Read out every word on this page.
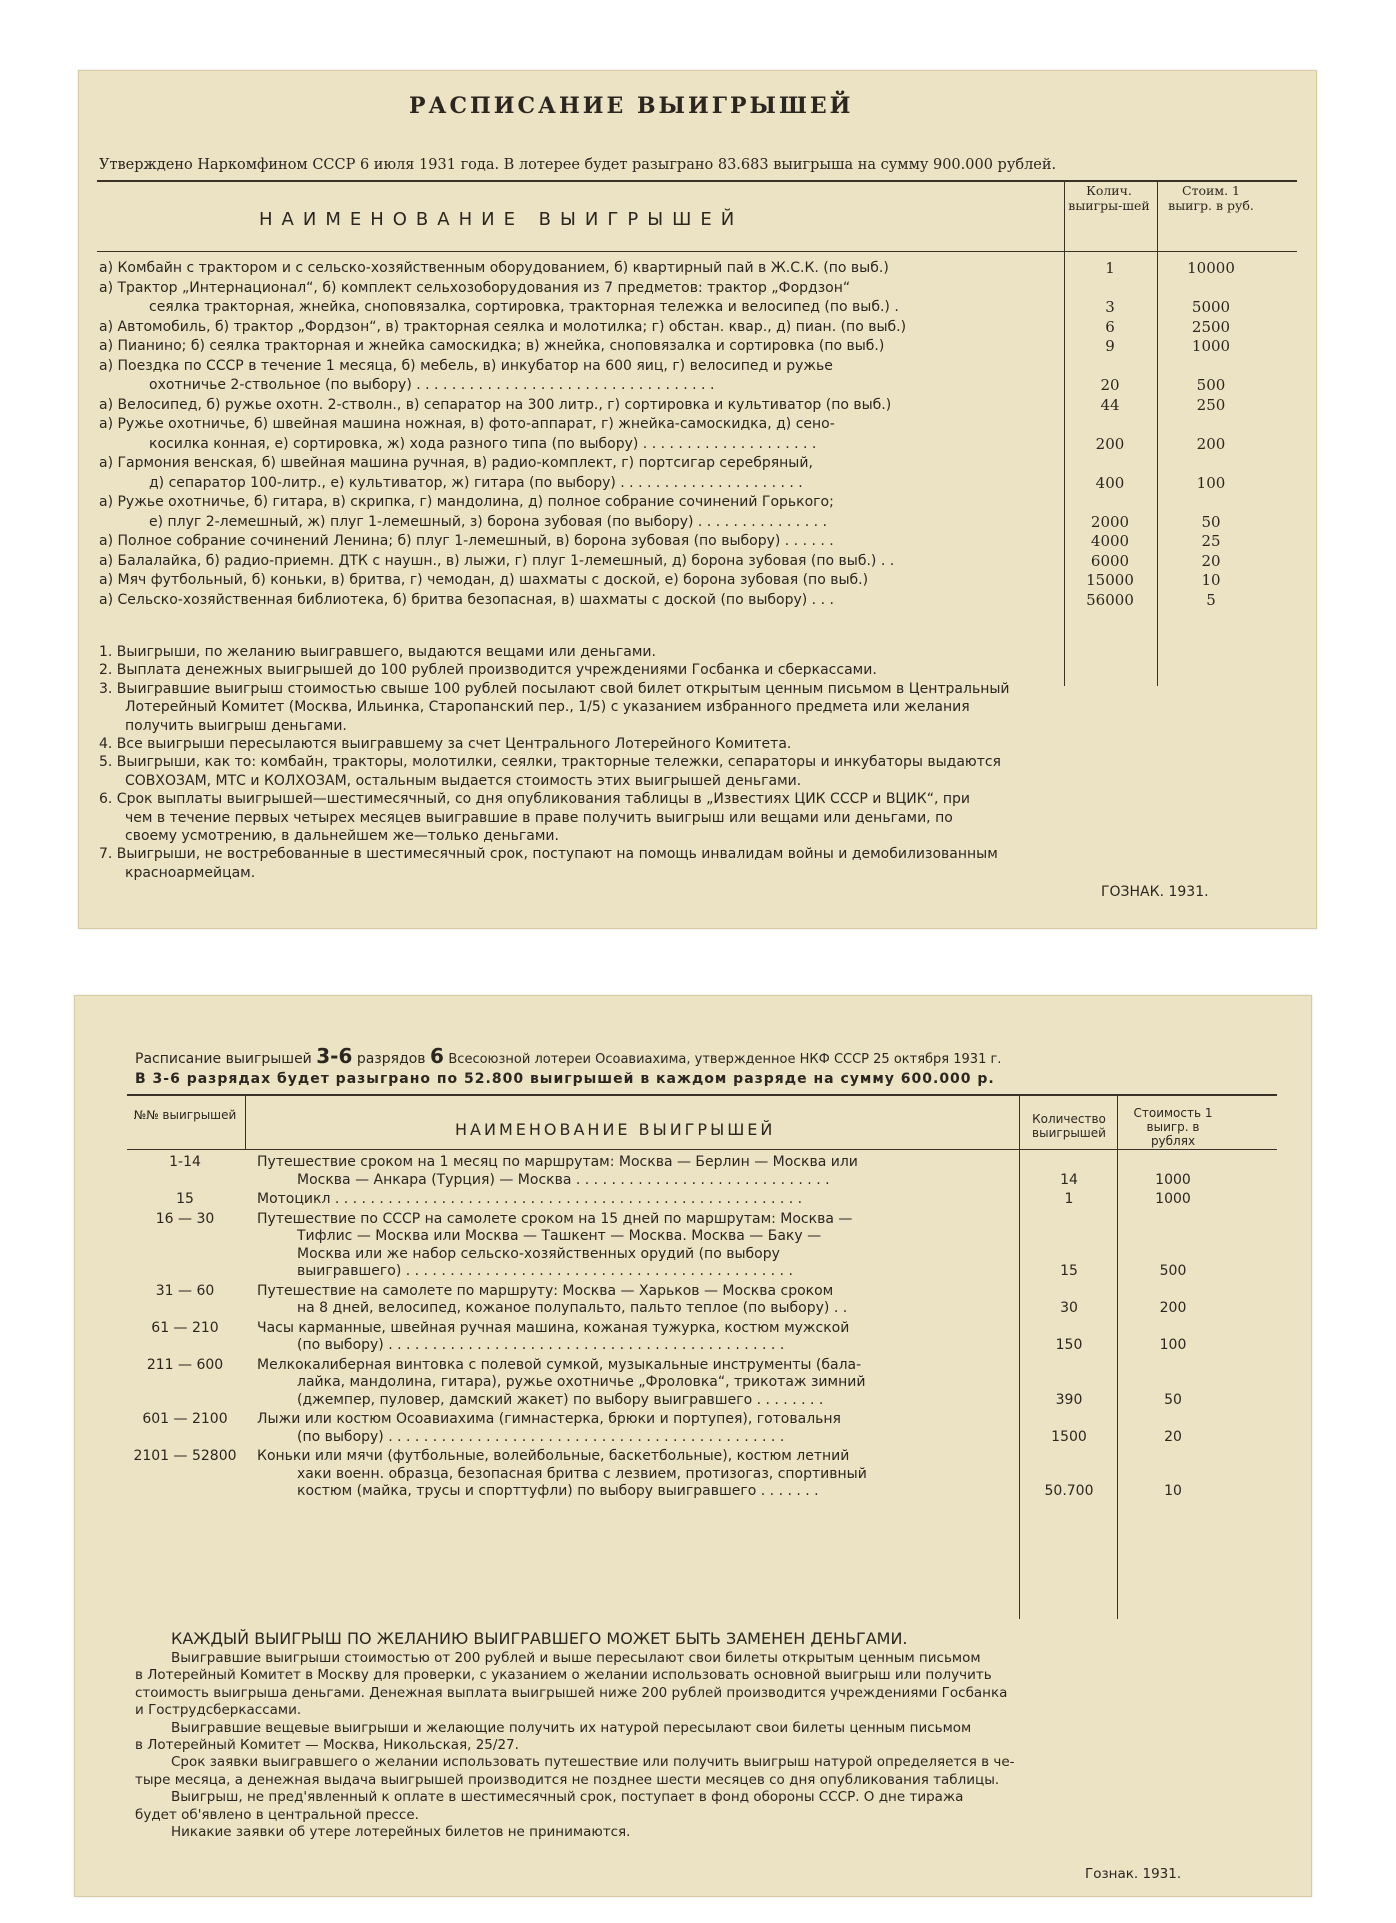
РАСПИСАНИЕ ВЫИГРЫШЕЙ
Утверждено Наркомфином СССР 6 июля 1931 года. В лотерее будет разыграно 83.683 выигрыша на сумму 900.000 рублей.
НАИМЕНОВАНИЕ ВЫИГРЫШЕЙ
Колич. выигры-шей
Стоим. 1 выигр. в руб.
а) Комбайн с трактором и с сельско-хозяйственным оборудованием, б) квартирный пай в Ж.С.К. (по выб.)	1	10000
а) Трактор „Интернационал“, б) комплект сельхозоборудования из 7 предметов: трактор „Фордзон“
сеялка тракторная, жнейка, сноповязалка, сортировка, тракторная тележка и велосипед (по выб.) .	3	5000
а) Автомобиль, б) трактор „Фордзон“, в) тракторная сеялка и молотилка; г) обстан. квар., д) пиан. (по выб.)	6	2500
а) Пианино; б) сеялка тракторная и жнейка самоскидка; в) жнейка, сноповязалка и сортировка (по выб.)	9	1000
а) Поездка по СССР в течение 1 месяца, б) мебель, в) инкубатор на 600 яиц, г) велосипед и ружье
охотничье 2-ствольное (по выбору) . . . . . . . . . . . . . . . . . . . . . . . . . . . . . . . . . .	20	500
а) Велосипед, б) ружье охотн. 2-стволн., в) сепаратор на 300 литр., г) сортировка и культиватор (по выб.)	44	250
а) Ружье охотничье, б) швейная машина ножная, в) фото-аппарат, г) жнейка-самоскидка, д) сено-
косилка конная, е) сортировка, ж) хода разного типа (по выбору) . . . . . . . . . . . . . . . . . . . .	200	200
а) Гармония венская, б) швейная машина ручная, в) радио-комплект, г) портсигар серебряный,
д) сепаратор 100-литр., е) культиватор, ж) гитара (по выбору) . . . . . . . . . . . . . . . . . . . . .	400	100
а) Ружье охотничье, б) гитара, в) скрипка, г) мандолина, д) полное собрание сочинений Горького;
е) плуг 2-лемешный, ж) плуг 1-лемешный, з) борона зубовая (по выбору) . . . . . . . . . . . . . . .	2000	50
а) Полное собрание сочинений Ленина; б) плуг 1-лемешный, в) борона зубовая (по выбору) . . . . . .	4000	25
а) Балалайка, б) радио-приемн. ДТК с наушн., в) лыжи, г) плуг 1-лемешный, д) борона зубовая (по выб.) . .	6000	20
а) Мяч футбольный, б) коньки, в) бритва, г) чемодан, д) шахматы с доской, е) борона зубовая (по выб.)	15000	10
а) Сельско-хозяйственная библиотека, б) бритва безопасная, в) шахматы с доской (по выбору) . . .	56000	5
1. Выигрыши, по желанию выигравшего, выдаются вещами или деньгами.
2. Выплата денежных выигрышей до 100 рублей производится учреждениями Госбанка и сберкассами.
3. Выигравшие выигрыш стоимостью свыше 100 рублей посылают свой билет открытым ценным письмом в Центральный
Лотерейный Комитет (Москва, Ильинка, Старопанский пер., 1/5) с указанием избранного предмета или желания
получить выигрыш деньгами.
4. Все выигрыши пересылаются выигравшему за счет Центрального Лотерейного Комитета.
5. Выигрыши, как то: комбайн, тракторы, молотилки, сеялки, тракторные тележки, сепараторы и инкубаторы выдаются
СОВХОЗАМ, МТС и КОЛХОЗАМ, остальным выдается стоимость этих выигрышей деньгами.
6. Срок выплаты выигрышей—шестимесячный, со дня опубликования таблицы в „Известиях ЦИК СССР и ВЦИК“, при
чем в течение первых четырех месяцев выигравшие в праве получить выигрыш или вещами или деньгами, по
своему усмотрению, в дальнейшем же—только деньгами.
7. Выигрыши, не востребованные в шестимесячный срок, поступают на помощь инвалидам войны и демобилизованным
красноармейцам.
ГОЗНАК. 1931.
Расписание выигрышей 3-6 разрядов 6 Всесоюзной лотереи Осоавиахима, утвержденное НКФ СССР 25 октября 1931 г.
В 3-6 разрядах будет разыграно по 52.800 выигрышей в каждом разряде на сумму 600.000 р.
№№ выигрышей
НАИМЕНОВАНИЕ ВЫИГРЫШЕЙ
Количество выигрышей
Стоимость 1 выигр. в рублях
1-14	Путешествие сроком на 1 месяц по маршрутам: Москва — Берлин — Москва или
Москва — Анкара (Турция) — Москва . . . . . . . . . . . . . . . . . . . . . . . . . . . . .	14	1000
15	Мотоцикл . . . . . . . . . . . . . . . . . . . . . . . . . . . . . . . . . . . . . . . . . . . . . . . . . . . . .	1	1000
16 — 30	Путешествие по СССР на самолете сроком на 15 дней по маршрутам: Москва —
Тифлис — Москва или Москва — Ташкент — Москва. Москва — Баку —
Москва или же набор сельско-хозяйственных орудий (по выбору
выигравшего) . . . . . . . . . . . . . . . . . . . . . . . . . . . . . . . . . . . . . . . . . . . .	15	500
31 — 60	Путешествие на самолете по маршруту: Москва — Харьков — Москва сроком
на 8 дней, велосипед, кожаное полупальто, пальто теплое (по выбору) . .	30	200
61 — 210	Часы карманные, швейная ручная машина, кожаная тужурка, костюм мужской
(по выбору) . . . . . . . . . . . . . . . . . . . . . . . . . . . . . . . . . . . . . . . . . . . . .	150	100
211 — 600	Мелкокалиберная винтовка с полевой сумкой, музыкальные инструменты (бала-
лайка, мандолина, гитара), ружье охотничье „Фроловка“, трикотаж зимний
(джемпер, пуловер, дамский жакет) по выбору выигравшего . . . . . . . .	390	50
601 — 2100	Лыжи или костюм Осоавиахима (гимнастерка, брюки и портупея), готовальня
(по выбору) . . . . . . . . . . . . . . . . . . . . . . . . . . . . . . . . . . . . . . . . . . . . .	1500	20
2101 — 52800 Коньки или мячи (футбольные, волейбольные, баскетбольные), костюм летний
хаки военн. образца, безопасная бритва с лезвием, протизогаз, спортивный
костюм (майка, трусы и спорттуфли) по выбору выигравшего . . . . . . .	50.700	10
КАЖДЫЙ ВЫИГРЫШ ПО ЖЕЛАНИЮ ВЫИГРАВШЕГО МОЖЕТ БЫТЬ ЗАМЕНЕН ДЕНЬГАМИ.
Выигравшие выигрыши стоимостью от 200 рублей и выше пересылают свои билеты открытым ценным письмом
в Лотерейный Комитет в Москву для проверки, с указанием о желании использовать основной выигрыш или получить
стоимость выигрыша деньгами. Денежная выплата выигрышей ниже 200 рублей производится учреждениями Госбанка
и Гострудсберкассами.
Выигравшие вещевые выигрыши и желающие получить их натурой пересылают свои билеты ценным письмом
в Лотерейный Комитет — Москва, Никольская, 25/27.
Срок заявки выигравшего о желании использовать путешествие или получить выигрыш натурой определяется в че-
тыре месяца, а денежная выдача выигрышей производится не позднее шести месяцев со дня опубликования таблицы.
Выигрыш, не пред'явленный к оплате в шестимесячный срок, поступает в фонд обороны СССР. О дне тиража
будет об'явлено в центральной прессе.
Никакие заявки об утере лотерейных билетов не принимаются.
Гознак. 1931.
